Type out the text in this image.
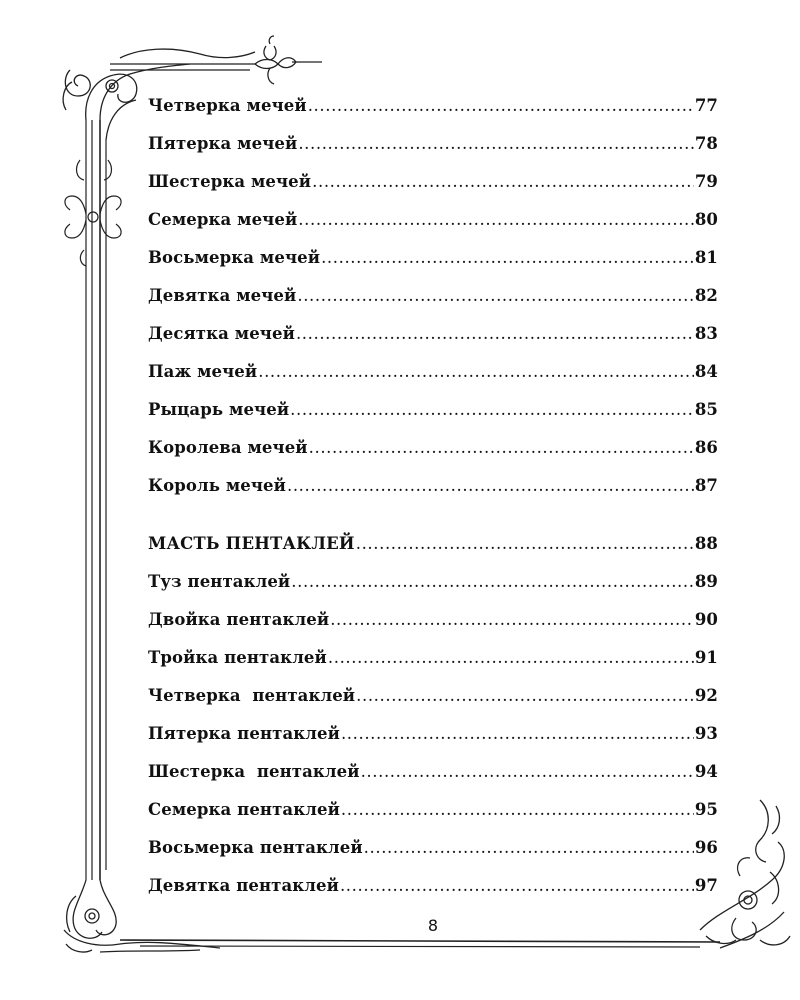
Четверка мечей .....	77
Пятерка мечей .....	78
Шестерка мечей .....	79
Семерка мечей .....	80
Восьмерка мечей .....	81
Девятка мечей .....	82
Десятка мечей .....	83
Паж мечей .....	84
Рыцарь мечей .....	85
Королева мечей .....	86
Король мечей .....	87
МАСТЬ ПЕНТАКЛЕЙ .....	88
Туз пентаклей .....	89
Двойка пентаклей .....	90
Тройка пентаклей .....	91
Четверка  пентаклей .....	92
Пятерка пентаклей .....	93
Шестерка  пентаклей .....	94
Семерка пентаклей .....	95
Восьмерка пентаклей .....	96
Девятка пентаклей .....	97
8
